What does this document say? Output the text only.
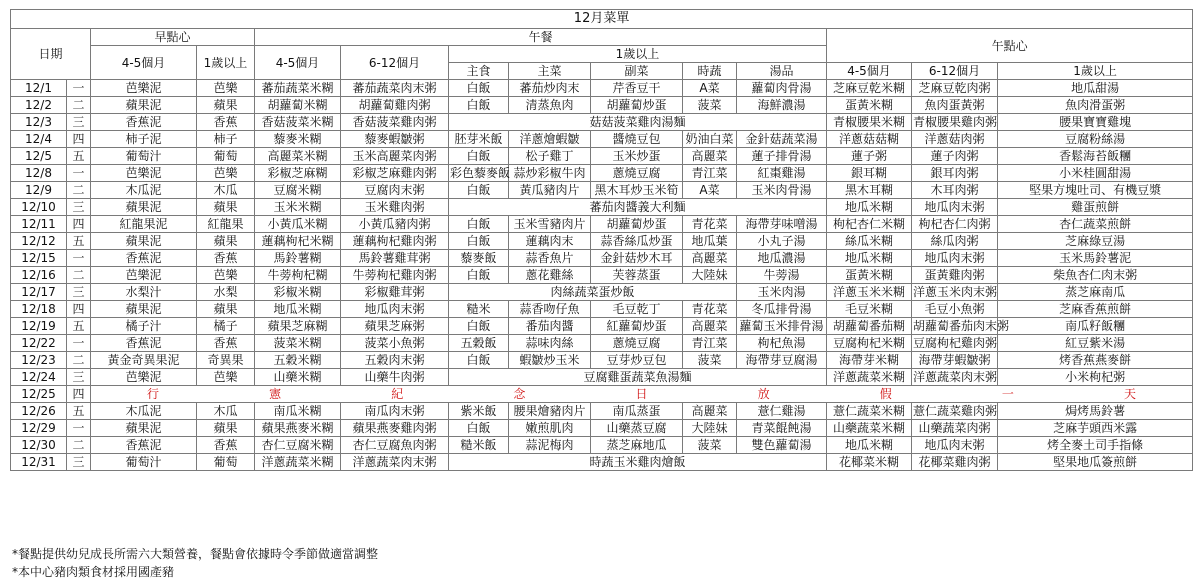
12月菜單													
日期		早點心		午餐							午點心		
		4-5個月	1歲以上	4-5個月	6-12個月	1歲以上							
						主食	主菜	副菜	時蔬	湯品	4-5個月	6-12個月	1歲以上
12/1	一	芭樂泥	芭樂	蕃茄蔬菜米糊	蕃茄蔬菜肉末粥	白飯	蕃茄炒肉末	芹香豆干	A菜	蘿蔔肉骨湯	芝麻豆乾米糊	芝麻豆乾肉粥	地瓜甜湯
12/2	二	蘋果泥	蘋果	胡蘿蔔米糊	胡蘿蔔雞肉粥	白飯	清蒸魚肉	胡蘿蔔炒蛋	菠菜	海鮮濃湯	蛋黃米糊	魚肉蛋黃粥	魚肉滑蛋粥
12/3	三	香蕉泥	香蕉	香菇菠菜米糊	香菇菠菜雞肉粥	菇菇菠菜雞肉湯麵					青椒腰果米糊	青椒腰果雞肉粥	腰果寶寶雞塊
12/4	四	柿子泥	柿子	藜麥米糊	藜麥蝦皺粥	胚芽米飯	洋蔥燴蝦皺	醬燒豆包	奶油白菜	金針菇蔬菜湯	洋蔥菇菇糊	洋蔥菇肉粥	豆腐粉絲湯
12/5	五	葡萄汁	葡萄	高麗菜米糊	玉米高麗菜肉粥	白飯	松子雞丁	玉米炒蛋	高麗菜	蓮子排骨湯	蓮子粥	蓮子肉粥	香鬆海苔飯糰
12/8	一	芭樂泥	芭樂	彩椒芝麻糊	彩椒芝麻雞肉粥	彩色藜麥飯	蒜炒彩椒牛肉	蔥燒豆腐	青江菜	紅棗雞湯	銀耳糊	銀耳肉粥	小米桂圓甜湯
12/9	二	木瓜泥	木瓜	豆腐米糊	豆腐肉末粥	白飯	黃瓜豬肉片	黑木耳炒玉米筍	A菜	玉米肉骨湯	黑木耳糊	木耳肉粥	堅果方塊吐司、有機豆漿
12/10	三	蘋果泥	蘋果	玉米米糊	玉米雞肉粥	蕃茄肉醬義大利麵					地瓜米糊	地瓜肉末粥	雞蛋煎餅
12/11	四	紅龍果泥	紅龍果	小黃瓜米糊	小黃瓜豬肉粥	白飯	玉米雪豬肉片	胡蘿蔔炒蛋	青花菜	海帶芽味噌湯	枸杞杏仁米糊	枸杞杏仁肉粥	杏仁蔬菜煎餅
12/12	五	蘋果泥	蘋果	蓮藕枸杞米糊	蓮藕枸杞雞肉粥	白飯	蓮藕肉末	蒜香絲瓜炒蛋	地瓜葉	小丸子湯	絲瓜米糊	絲瓜肉粥	芝麻綠豆湯
12/15	一	香蕉泥	香蕉	馬鈴薯糊	馬鈴薯雞茸粥	藜麥飯	蒜香魚片	金針菇炒木耳	高麗菜	地瓜濃湯	地瓜米糊	地瓜肉末粥	玉米馬鈴薯泥
12/16	二	芭樂泥	芭樂	牛蒡枸杞糊	牛蒡枸杞雞肉粥	白飯	蔥花雞絲	芙蓉蒸蛋	大陸妹	牛蒡湯	蛋黃米糊	蛋黃雞肉粥	柴魚杏仁肉末粥
12/17	三	水梨汁	水梨	彩椒米糊	彩椒雞茸粥	肉絲蔬菜蛋炒飯				玉米肉湯	洋蔥玉米米糊	洋蔥玉米肉末粥	蒸芝麻南瓜
12/18	四	蘋果泥	蘋果	地瓜米糊	地瓜肉末粥	糙米	蒜香吻仔魚	毛豆乾丁	青花菜	冬瓜排骨湯	毛豆米糊	毛豆小魚粥	芝麻香蕉煎餅
12/19	五	橘子汁	橘子	蘋果芝麻糊	蘋果芝麻粥	白飯	番茄肉醬	紅蘿蔔炒蛋	高麗菜	蘿蔔玉米排骨湯	胡蘿蔔番茄糊	胡蘿蔔番茄肉末粥	南瓜籽飯糰
12/22	一	香蕉泥	香蕉	菠菜米糊	菠菜小魚粥	五穀飯	蒜味肉絲	蔥燒豆腐	青江菜	枸杞魚湯	豆腐枸杞米糊	豆腐枸杞雞肉粥	紅豆紫米湯
12/23	二	黃金奇異果泥	奇異果	五穀米糊	五穀肉末粥	白飯	蝦皺炒玉米	豆芽炒豆包	菠菜	海帶芽豆腐湯	海帶芽米糊	海帶芽蝦皺粥	烤香蕉燕麥餅
12/24	三	芭樂泥	芭樂	山藥米糊	山藥牛肉粥	豆腐雞蛋蔬菜魚湯麵					洋蔥蔬菜米糊	洋蔥蔬菜肉末粥	小米枸杞粥
12/25	四	行 憲 紀 念 日 放 假 一 天											
12/26	五	木瓜泥	木瓜	南瓜米糊	南瓜肉末粥	紫米飯	腰果燴豬肉片	南瓜蒸蛋	高麗菜	薏仁雞湯	薏仁蔬菜米糊	薏仁蔬菜雞肉粥	焗烤馬鈴薯
12/29	一	蘋果泥	蘋果	蘋果燕麥米糊	蘋果燕麥雞肉粥	白飯	嫩煎肌肉	山藥蒸豆腐	大陸妹	青菜餛飩湯	山藥蔬菜米糊	山藥蔬菜肉粥	芝麻芋頭西米露
12/30	二	香蕉泥	香蕉	杏仁豆腐米糊	杏仁豆腐魚肉粥	糙米飯	蒜泥梅肉	蒸芝麻地瓜	菠菜	雙色蘿蔔湯	地瓜米糊	地瓜肉末粥	烤全麥土司手指條
12/31	三	葡萄汁	葡萄	洋蔥蔬菜米糊	洋蔥蔬菜肉末粥	時蔬玉米雞肉燴飯					花椰菜米糊	花椰菜雞肉粥	堅果地瓜簽煎餅
*餐點提供幼兒成長所需六大類營養，餐點會依據時令季節做適當調整
*本中心豬肉類食材採用國產豬
